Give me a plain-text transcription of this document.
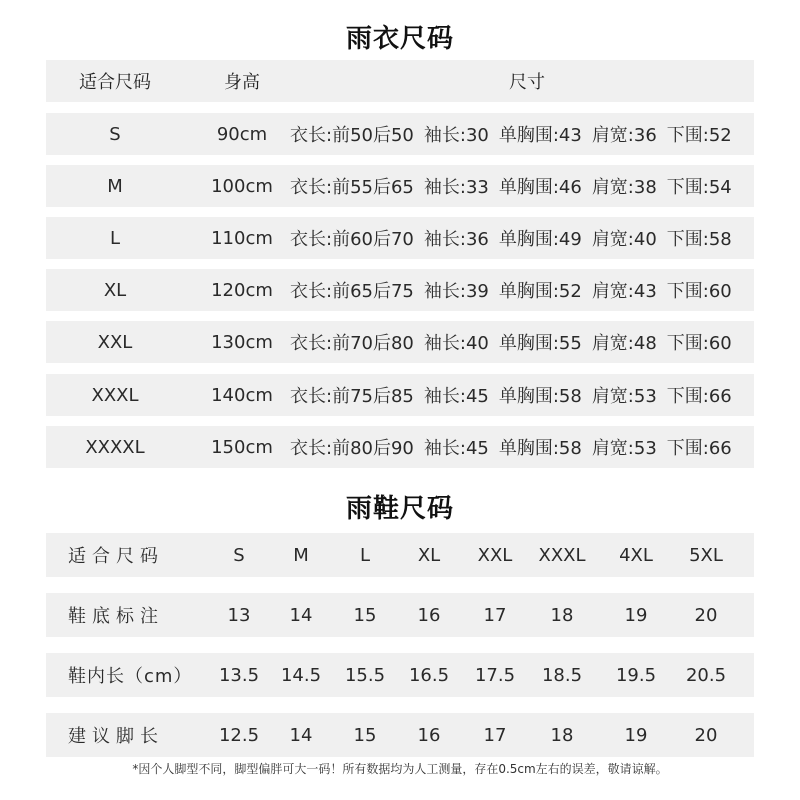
雨衣尺码
适合尺码	身高	尺寸
S	90cm	衣长:前50后50 袖长:30 单胸围:43 肩宽:36 下围:52
M	100cm 衣长:前55后65 袖长:33 单胸围:46 肩宽:38 下围:54
L	110cm 衣长:前60后70 袖长:36 单胸围:49 肩宽:40 下围:58
XL	120cm 衣长:前65后75 袖长:39 单胸围:52 肩宽:43 下围:60
XXL	130cm 衣长:前70后80 袖长:40 单胸围:55 肩宽:48 下围:60
XXXL	140cm 衣长:前75后85 袖长:45 单胸围:58 肩宽:53 下围:66
XXXXL	150cm 衣长:前80后90 袖长:45 单胸围:58 肩宽:53 下围:66
雨鞋尺码
适合尺码	S	M	L	XL	XXL	XXXL	4XL	5XL
鞋底标注	13	14	15	16	17	18	19	20
鞋内长（cm）	13.5	14.5	15.5	16.5	17.5	18.5	19.5	20.5
建议脚长	12.5	14	15	16	17	18	19	20
*因个人脚型不同，脚型偏胖可大一码！所有数据均为人工测量，存在0.5cm左右的误差，敬请谅解。
